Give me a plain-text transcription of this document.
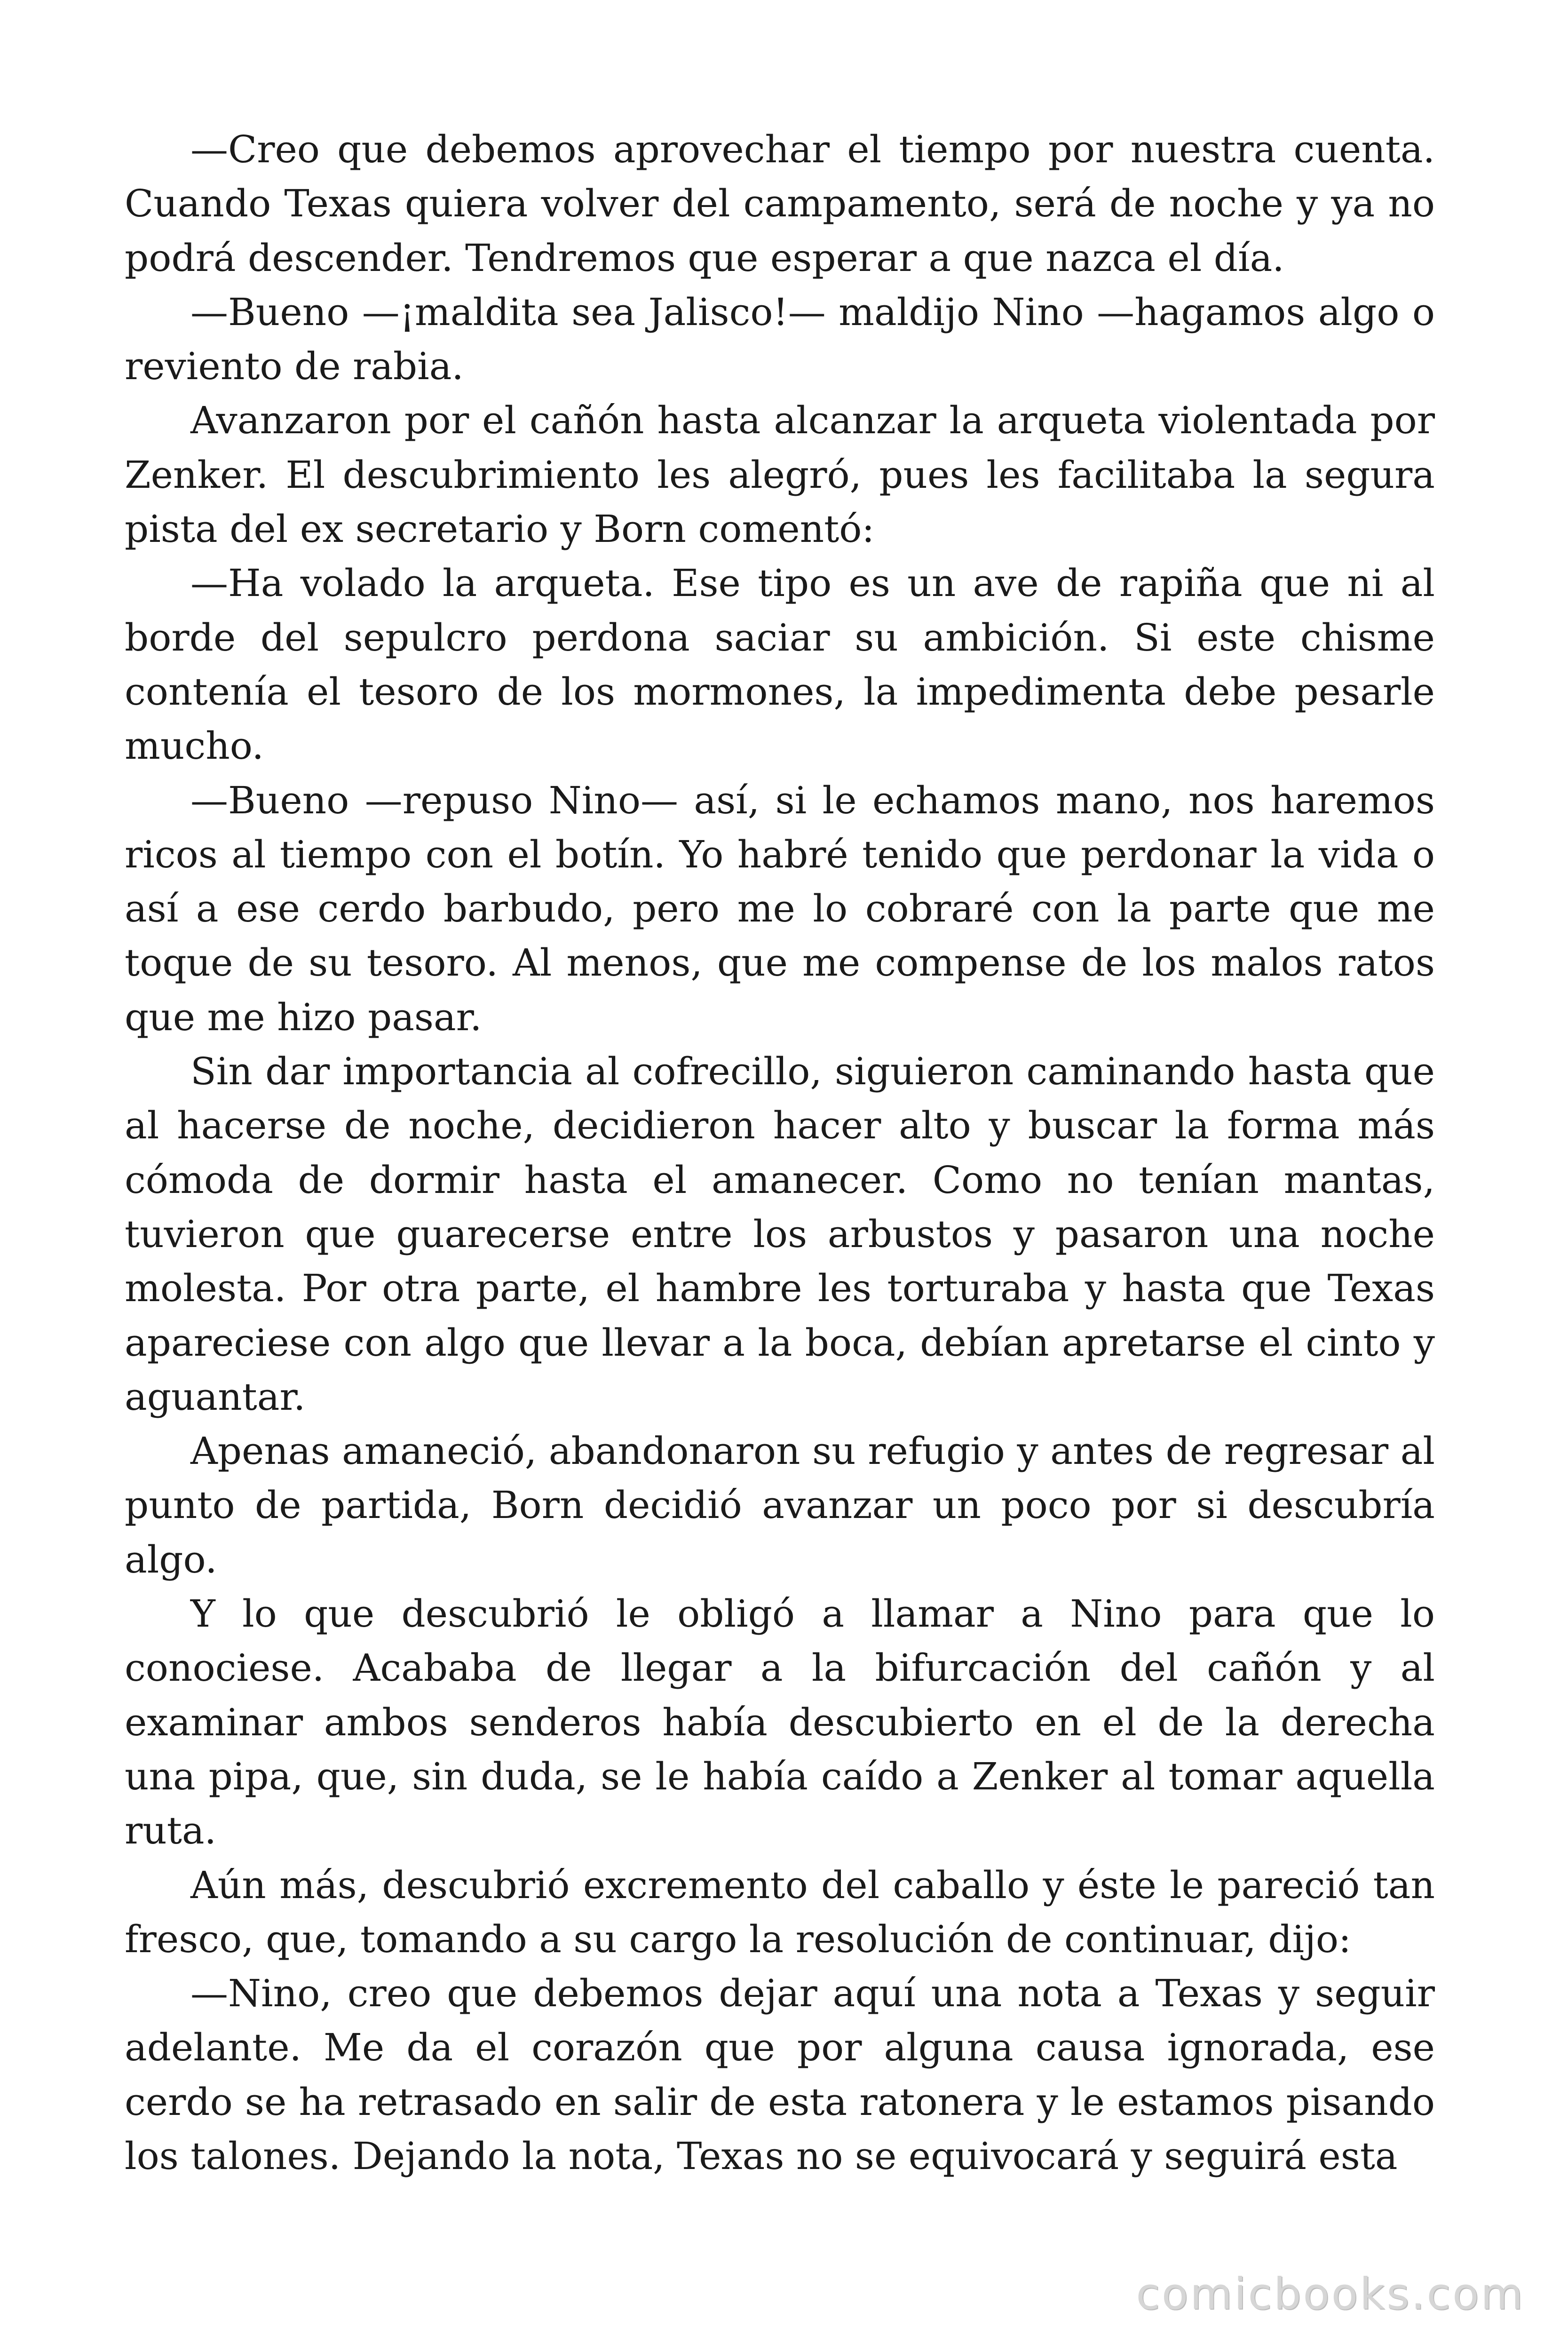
—Creo que debemos aprovechar el tiempo por nuestra cuenta. Cuando Texas quiera volver del campamento, será de noche y ya no podrá descender. Tendremos que esperar a que nazca el día.

—Bueno —¡maldita sea Jalisco!— maldijo Nino —hagamos algo o reviento de rabia.

Avanzaron por el cañón hasta alcanzar la arqueta violentada por Zenker. El descubrimiento les alegró, pues les facilitaba la segura pista del ex secretario y Born comentó:

—Ha volado la arqueta. Ese tipo es un ave de rapiña que ni al borde del sepulcro perdona saciar su ambición. Si este chisme contenía el tesoro de los mormones, la impedimenta debe pesarle mucho.

—Bueno —repuso Nino— así, si le echamos mano, nos haremos ricos al tiempo con el botín. Yo habré tenido que perdonar la vida o así a ese cerdo barbudo, pero me lo cobraré con la parte que me toque de su tesoro. Al menos, que me compense de los malos ratos que me hizo pasar.

Sin dar importancia al cofrecillo, siguieron caminando hasta que al hacerse de noche, decidieron hacer alto y buscar la forma más cómoda de dormir hasta el amanecer. Como no tenían mantas, tuvieron que guarecerse entre los arbustos y pasaron una noche molesta. Por otra parte, el hambre les torturaba y hasta que Texas apareciese con algo que llevar a la boca, debían apretarse el cinto y aguantar.

Apenas amaneció, abandonaron su refugio y antes de regresar al punto de partida, Born decidió avanzar un poco por si descubría algo.

Y lo que descubrió le obligó a llamar a Nino para que lo conociese. Acababa de llegar a la bifurcación del cañón y al examinar ambos senderos había descubierto en el de la derecha una pipa, que, sin duda, se le había caído a Zenker al tomar aquella ruta.

Aún más, descubrió excremento del caballo y éste le pareció tan fresco, que, tomando a su cargo la resolución de continuar, dijo:

—Nino, creo que debemos dejar aquí una nota a Texas y seguir adelante. Me da el corazón que por alguna causa ignorada, ese cerdo se ha retrasado en salir de esta ratonera y le estamos pisando los talones. Dejando la nota, Texas no se equivocará y seguirá esta

comicbooks.com
